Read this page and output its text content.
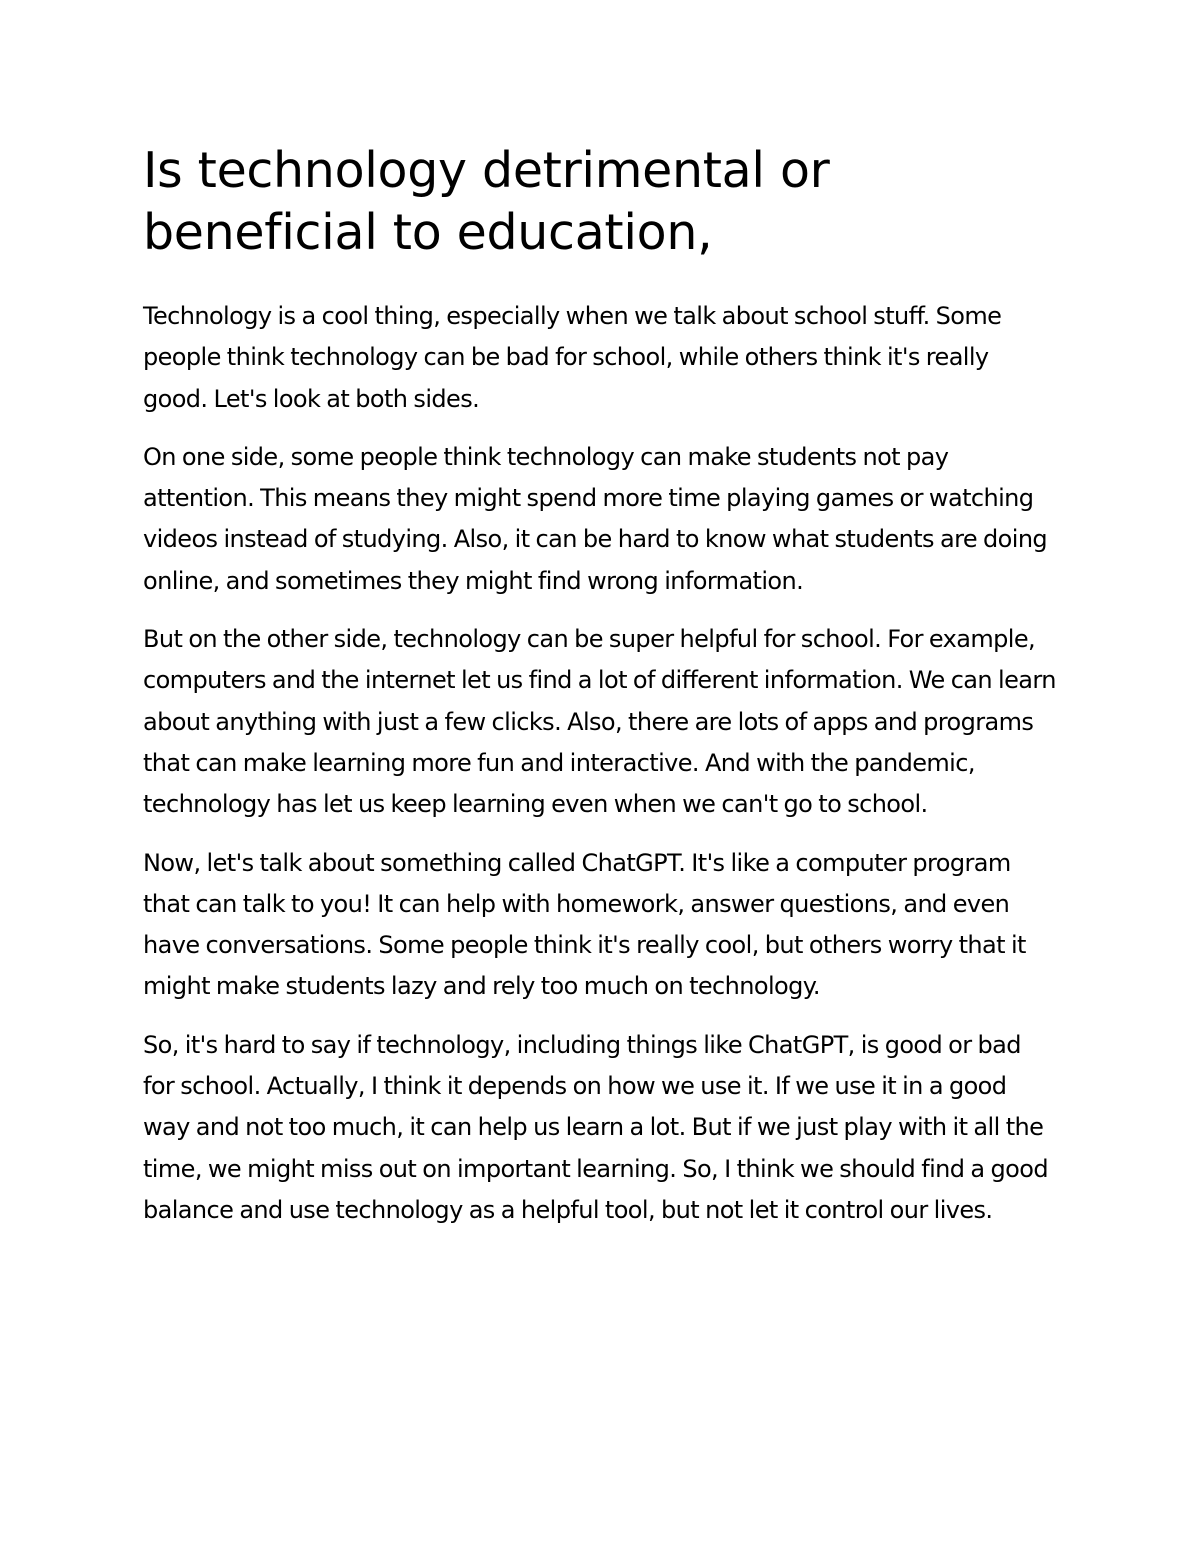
Is technology detrimental or beneficial to education,

Technology is a cool thing, especially when we talk about school stuff. Some people think technology can be bad for school, while others think it's really good. Let's look at both sides.

On one side, some people think technology can make students not pay attention. This means they might spend more time playing games or watching videos instead of studying. Also, it can be hard to know what students are doing online, and sometimes they might find wrong information.

But on the other side, technology can be super helpful for school. For example, computers and the internet let us find a lot of different information. We can learn about anything with just a few clicks. Also, there are lots of apps and programs that can make learning more fun and interactive. And with the pandemic, technology has let us keep learning even when we can't go to school.

Now, let's talk about something called ChatGPT. It's like a computer program that can talk to you! It can help with homework, answer questions, and even have conversations. Some people think it's really cool, but others worry that it might make students lazy and rely too much on technology.

So, it's hard to say if technology, including things like ChatGPT, is good or bad for school. Actually, I think it depends on how we use it. If we use it in a good way and not too much, it can help us learn a lot. But if we just play with it all the time, we might miss out on important learning. So, I think we should find a good balance and use technology as a helpful tool, but not let it control our lives.
